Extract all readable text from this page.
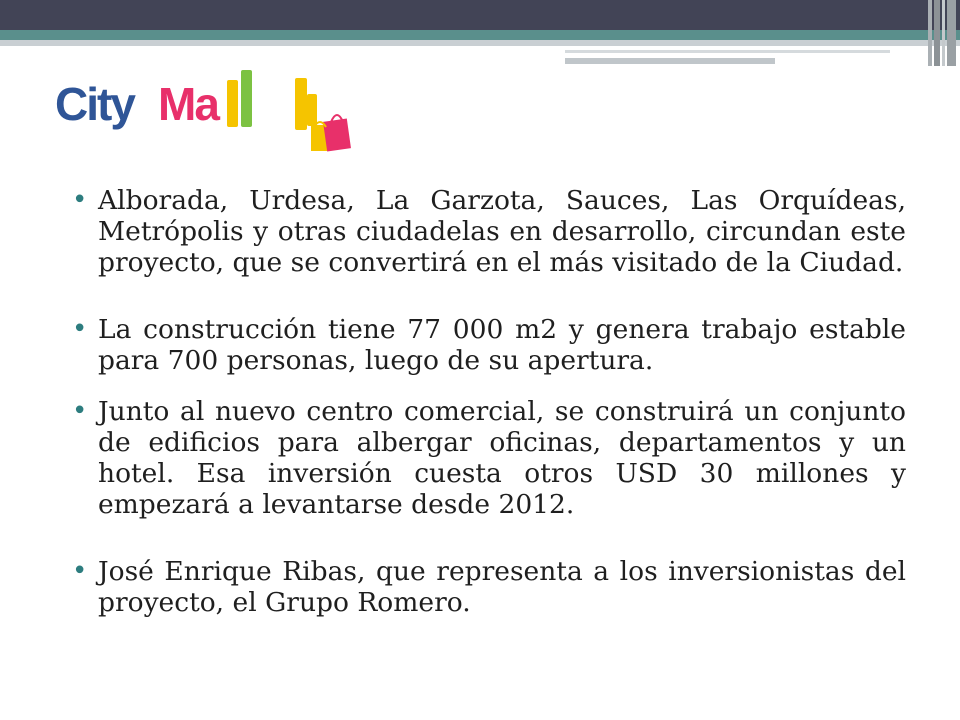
City Ma
• Alborada, Urdesa, La Garzota, Sauces, Las Orquídeas, Metrópolis y otras ciudadelas en desarrollo, circundan este proyecto, que se convertirá en el más visitado de la Ciudad.
• La construcción tiene 77 000 m2 y genera trabajo estable para 700 personas, luego de su apertura.
• Junto al nuevo centro comercial, se construirá un conjunto de edificios para albergar oficinas, departamentos y un hotel. Esa inversión cuesta otros USD 30 millones y empezará a levantarse desde 2012.
• José Enrique Ribas, que representa a los inversionistas del proyecto, el Grupo Romero.
